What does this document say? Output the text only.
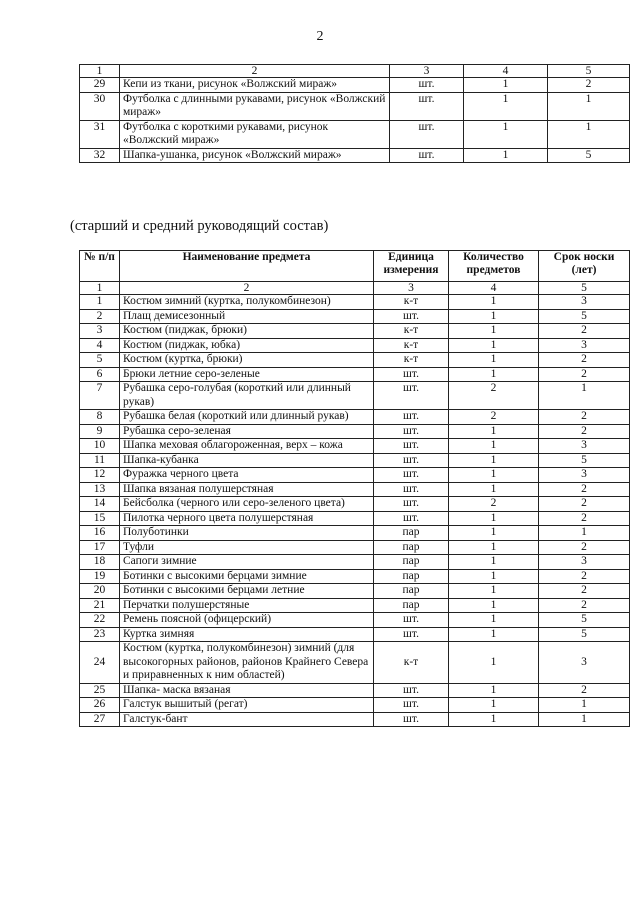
2
1	2	3	4	5
29	Кепи из ткани, рисунок «Волжский мираж»	шт.	1	2
30	Футболка с длинными рукавами, рисунок «Волжский мираж»	шт.	1	1
31	Футболка с короткими рукавами, рисунок «Волжский мираж»	шт.	1	1
32	Шапка-ушанка, рисунок «Волжский мираж»	шт.	1	5
(старший и средний руководящий состав)
№ п/п	Наименование предмета	Единица измерения	Количество предметов	Срок носки (лет)
1	2	3	4	5
1	Костюм зимний (куртка, полукомбинезон)	к-т	1	3
2	Плащ демисезонный	шт.	1	5
3	Костюм (пиджак, брюки)	к-т	1	2
4	Костюм (пиджак, юбка)	к-т	1	3
5	Костюм (куртка, брюки)	к-т	1	2
6	Брюки летние серо-зеленые	шт.	1	2
7	Рубашка серо-голубая (короткий или длинный рукав)	шт.	2	1
8	Рубашка белая (короткий или длинный рукав)	шт.	2	2
9	Рубашка серо-зеленая	шт.	1	2
10	Шапка меховая облагороженная, верх – кожа	шт.	1	3
11	Шапка-кубанка	шт.	1	5
12	Фуражка черного цвета	шт.	1	3
13	Шапка вязаная полушерстяная	шт.	1	2
14	Бейсболка (черного или серо-зеленого цвета)	шт.	2	2
15	Пилотка черного цвета полушерстяная	шт.	1	2
16	Полуботинки	пар	1	1
17	Туфли	пар	1	2
18	Сапоги зимние	пар	1	3
19	Ботинки с высокими берцами зимние	пар	1	2
20	Ботинки с высокими берцами летние	пар	1	2
21	Перчатки полушерстяные	пар	1	2
22	Ремень поясной (офицерский)	шт.	1	5
23	Куртка зимняя	шт.	1	5
24	Костюм (куртка, полукомбинезон) зимний (для высокогорных районов, районов Крайнего Севера и приравненных к ним областей)	к-т	1	3
25	Шапка- маска вязаная	шт.	1	2
26	Галстук вышитый (регат)	шт.	1	1
27	Галстук-бант	шт.	1	1
